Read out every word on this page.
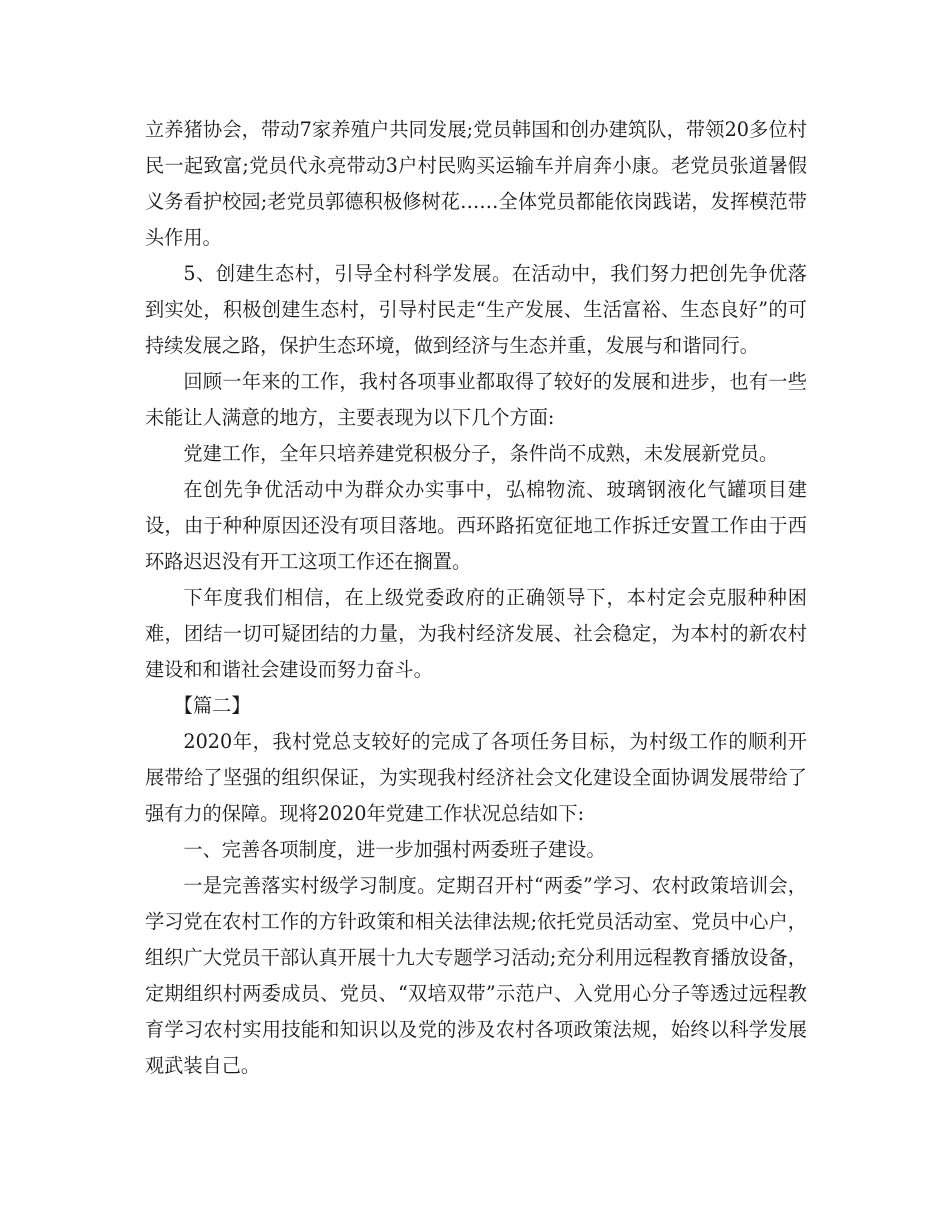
立养猪协会，带动7家养殖户共同发展;党员韩国和创办建筑队，带领20多位村民一起致富;党员代永亮带动3户村民购买运输车并肩奔小康。老党员张道暑假义务看护校园;老党员郭德积极修树花……全体党员都能依岗践诺，发挥模范带头作用。

5、创建生态村，引导全村科学发展。在活动中，我们努力把创先争优落到实处，积极创建生态村，引导村民走“生产发展、生活富裕、生态良好”的可持续发展之路，保护生态环境，做到经济与生态并重，发展与和谐同行。

回顾一年来的工作，我村各项事业都取得了较好的发展和进步，也有一些未能让人满意的地方，主要表现为以下几个方面:

党建工作，全年只培养建党积极分子，条件尚不成熟，未发展新党员。

在创先争优活动中为群众办实事中，弘棉物流、玻璃钢液化气罐项目建设，由于种种原因还没有项目落地。西环路拓宽征地工作拆迁安置工作由于西环路迟迟没有开工这项工作还在搁置。

下年度我们相信，在上级党委政府的正确领导下，本村定会克服种种困难，团结一切可疑团结的力量，为我村经济发展、社会稳定，为本村的新农村建设和和谐社会建设而努力奋斗。

【篇二】

2020年，我村党总支较好的完成了各项任务目标，为村级工作的顺利开展带给了坚强的组织保证，为实现我村经济社会文化建设全面协调发展带给了强有力的保障。现将2020年党建工作状况总结如下:

一、完善各项制度，进一步加强村两委班子建设。

一是完善落实村级学习制度。定期召开村“两委”学习、农村政策培训会，学习党在农村工作的方针政策和相关法律法规;依托党员活动室、党员中心户，组织广大党员干部认真开展十九大专题学习活动;充分利用远程教育播放设备，定期组织村两委成员、党员、“双培双带”示范户、入党用心分子等透过远程教育学习农村实用技能和知识以及党的涉及农村各项政策法规，始终以科学发展观武装自己。
